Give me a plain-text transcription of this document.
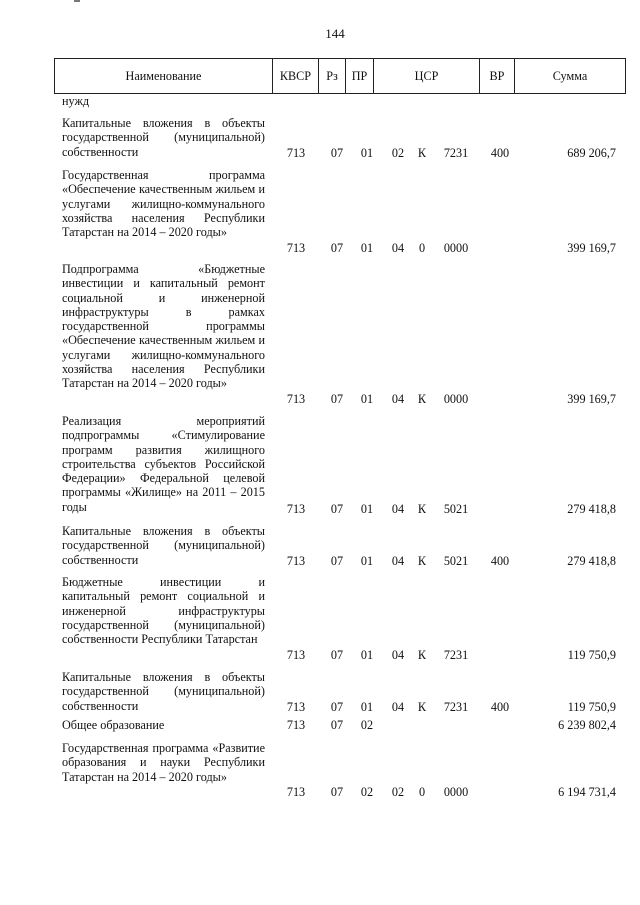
144
Наименование	КВСР	Рз	ПР	ЦСР	ВР	Сумма
нужд
Капитальные вложения в объекты государственной (муниципальной) собственности	713	07	01	02	К	7231	400	689 206,7
Государственная программа «Обеспечение качественным жильем и услугами жилищно-коммунального хозяйства населения Республики Татарстан на 2014 – 2020 годы»
713	07	01	04	0	0000	399 169,7
Подпрограмма «Бюджетные инвестиции и капитальный ремонт социальной и инженерной инфраструктуры в рамках государственной программы «Обеспечение качественным жильем и услугами жилищно-коммунального хозяйства населения Республики Татарстан на 2014 – 2020 годы»
713	07	01	04	К	0000	399 169,7
Реализация мероприятий подпрограммы «Стимулирование программ развития жилищного строительства субъектов Российской Федерации» Федеральной целевой программы «Жилище» на 2011 – 2015 годы	713	07	01	04	К	5021	279 418,8
Капитальные вложения в объекты государственной (муниципальной) собственности	713	07	01	04	К	5021	400	279 418,8
Бюджетные инвестиции и капитальный ремонт социальной и инженерной инфраструктуры государственной (муниципальной) собственности Республики Татарстан
713	07	01	04	К	7231	119 750,9
Капитальные вложения в объекты государственной (муниципальной) собственности	713	07	01	04	К	7231	400	119 750,9
Общее образование	713	07	02	6 239 802,4
Государственная программа «Развитие образования и науки Республики Татарстан на 2014 – 2020 годы»
713	07	02	02	0	0000	6 194 731,4
